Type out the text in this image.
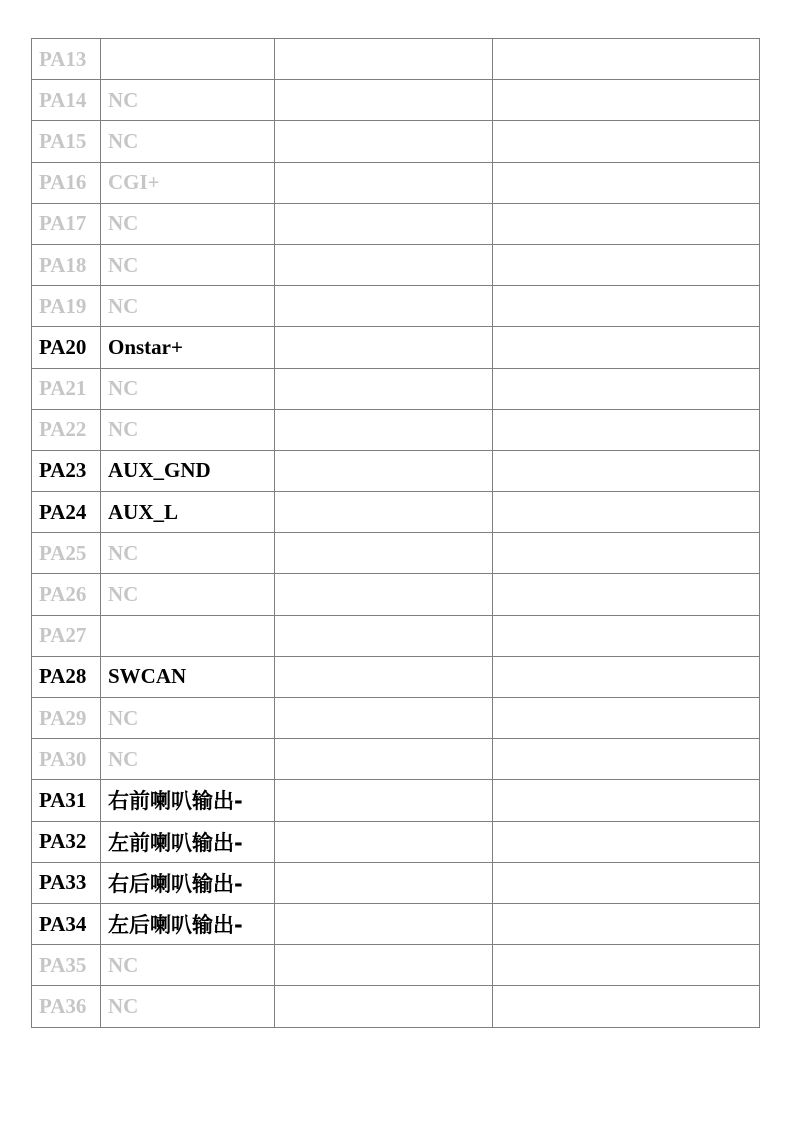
PA13			
PA14	NC		
PA15	NC		
PA16	CGI+		
PA17	NC		
PA18	NC		
PA19	NC		
PA20	Onstar+		
PA21	NC		
PA22	NC		
PA23	AUX_GND		
PA24	AUX_L		
PA25	NC		
PA26	NC		
PA27			
PA28	SWCAN		
PA29	NC		
PA30	NC		
PA31	右前喇叭输出-		
PA32	左前喇叭输出-		
PA33	右后喇叭输出-		
PA34	左后喇叭输出-		
PA35	NC		
PA36	NC		
